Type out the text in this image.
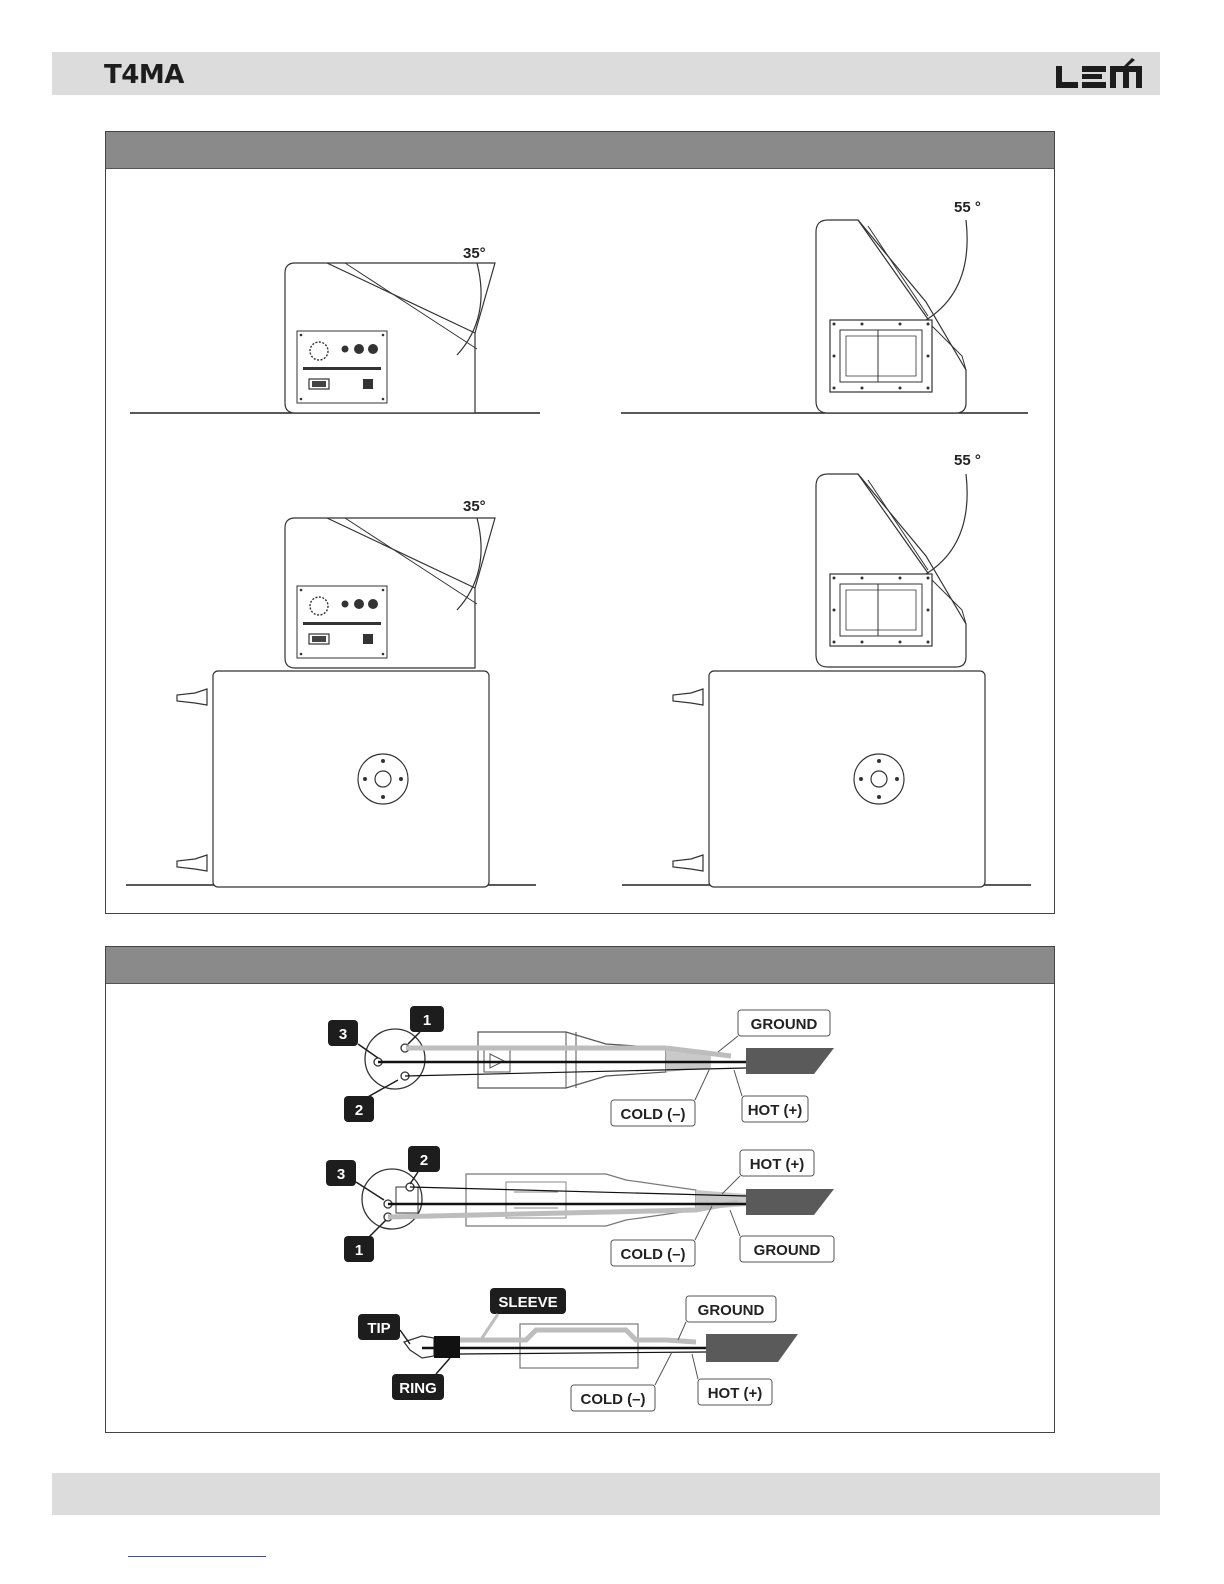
T4MA
35°
55 °
35°
55 °
1
3
2
GROUND
COLD (–)	HOT (+)
2
3
1
HOT (+)
COLD (–)	GROUND
TIP
RING
SLEEVE	GROUND
COLD (–)	HOT (+)
